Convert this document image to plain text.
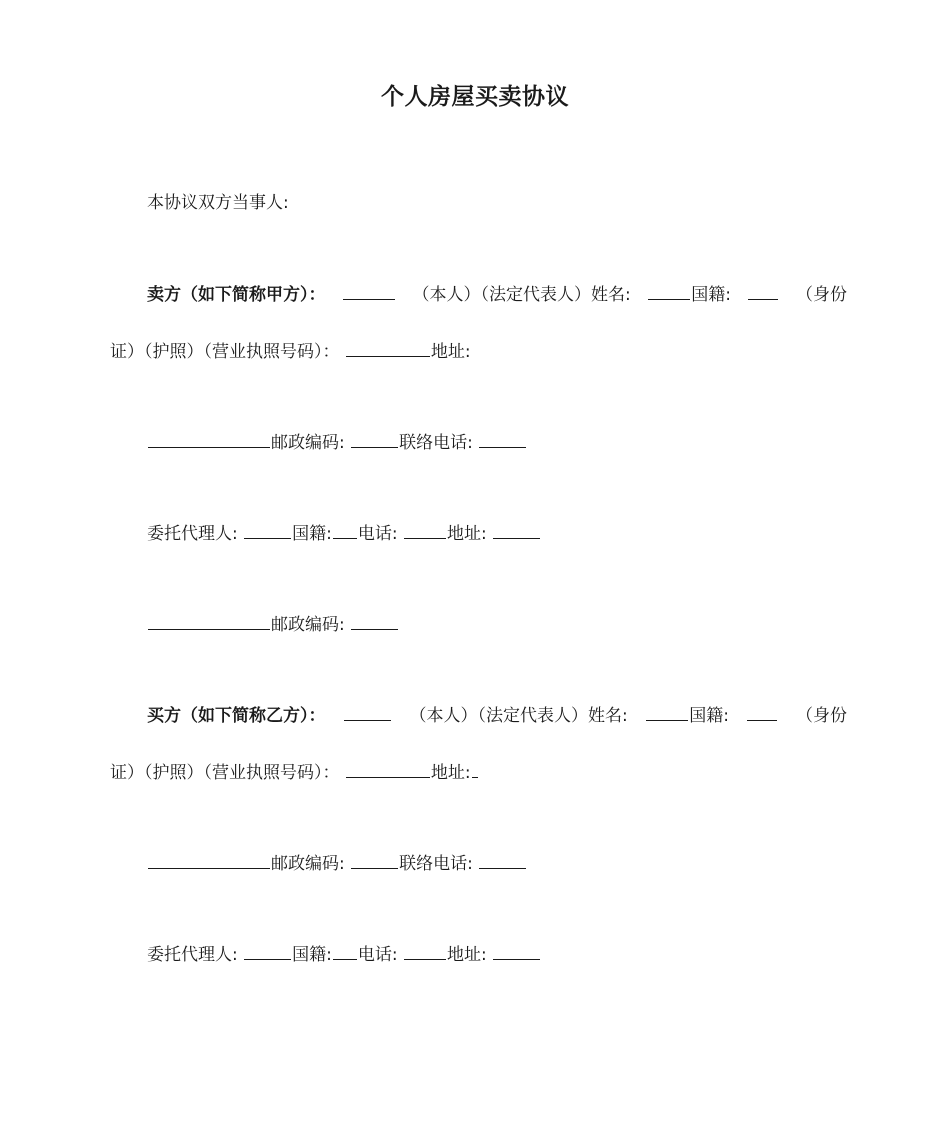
个人房屋买卖协议
本协议双方当事人:
卖方（如下简称甲方）：	（本人）（法定代表人）姓名:	国籍:	（身份
证）（护照）（营业执照号码）：	地址:
邮政编码:	联络电话:
委托代理人:	国籍: 电话:	地址:
邮政编码:
买方（如下简称乙方）：	（本人）（法定代表人）姓名:	国籍:	（身份
证）（护照）（营业执照号码）：	地址:
邮政编码:	联络电话:
委托代理人:	国籍: 电话:	地址:
